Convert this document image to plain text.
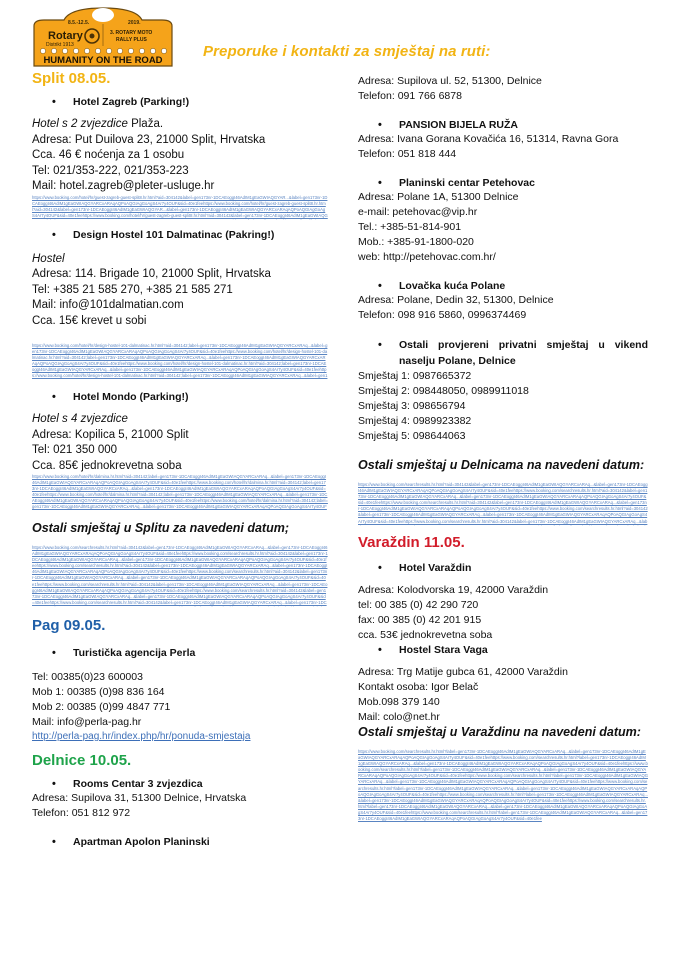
8.5.-12.5.	2019.
Rotary
Distrikt 1913
3. ROTARY MOTO
RALLY PLUS
HUMANITY ON THE ROAD
Preporuke i kontakti za smještaj na ruti:
Split 08.05.
• Hotel Zagreb (Parking!)
Hotel s 2 zvjezdice Plaža.
Adresa: Put Duilova 23, 21000 Split, Hrvatska
Cca. 46 € noćenja za 1 osobu
Tel: 021/353-222, 021/353-223
Mail: hotel.zagreb@pleter-usluge.hr
https://www.booking.com/hotel/hr/guest-zagreb-guest-split8.hr.html?aid=304142&label=gen173nr-1DCAEoggI46AdIM1gEaGWIAQGYAR...&label=gen173nr-1DCAEoggI46AdIM1gEaGWIAQGYARCxARAqAQPoAQGIAgGoAgS4Ar7y4OUF&sid=40e1feehttps://www.booking.com/hotel/hr/guest-zagreb-guest-split8.hr.html?aid=304142&label=gen173nr-1DCAEoggI46AdIM1gEaGWIAQGYAR...&label=gen173nr-1DCAEoggI46AdIM1gEaGWIAQGYARCxARAqAQPoAQGIAgGoAgS4Ar7y4OUF&sid=40e1feehttps://www.booking.com/hotel/hr/guest-zagreb-guest-split8.hr.html?aid=304142&label=gen173nr-1DCAEoggI46AdIM1gEaGWIAQG
• Design Hostel 101 Dalmatinac (Pakring!)
Hostel
Adresa: 114. Brigade 10, 21000 Split, Hrvatska
Tel: +385 21 585 270, +385 21 585 271
Mail: info@101dalmatian.com
Cca. 15€ krevet u sobi
https://www.booking.com/hotel/hr/design-hostel-101-dalmatinac.hr.html?aid=304142;label=gen173nr-1DCAEoggI46AdIM1gEaGWIAQGYARCxARAq...&label=gen173nr-1DCAEoggI46AdIM1gEaGWIAQGYARCxARAqAQPoAQGIAgGoAgS4Ar7y4OUF&sid=40e1feehttps://www.booking.com/hotel/hr/design-hostel-101-dalmatinac.hr.html?aid=304142;label=gen173nr-1DCAEoggI46AdIM1gEaGWIAQGYARCxARAq...&label=gen173nr-1DCAEoggI46AdIM1gEaGWIAQGYARCxARAqAQPoAQGIAgGoAgS4Ar7y4OUF&sid=40e1feehttps://www.booking.com/hotel/hr/design-hostel-101-dalmatinac.hr.html?aid=304142;label=gen173nr-1DCAEoggI46AdIM1gEaGWIAQGYARCxARAq...&label=gen173nr-1DCAEoggI46AdIM1gEaGWIAQGYARCxARAqAQPoAQGIAgGoAgS4Ar7y4OUF&sid=40e1feehttps://www.booking.com/hotel/hr/design-hostel-101-dalmatinac.hr.html?aid=304142;label=gen173nr-1DCAEoggI46AdIM1gEaGWIAQGYARCxARAq...&label=gen1
• Hotel Mondo (Parking!)
Hotel s 4 zvjezdice
Adresa: Kopilica 5, 21000 Split
Tel: 021 350 000
Cca. 85€ jednokrevetna soba
https://www.booking.com/hotel/hr/dalmina.hr.html?aid=304142;label=gen173nr-1DCAEoggI46AdIM1gEaGWIAQGYARCxARAq...&label=gen173nr-1DCAEoggI46AdIM1gEaGWIAQGYARCxARAqAQPoAQGIAgGoAgS4Ar7y4OUF&sid=40e1feehttps://www.booking.com/hotel/hr/dalmina.hr.html?aid=304142;label=gen173nr-1DCAEoggI46AdIM1gEaGWIAQGYARCxARAq...&label=gen173nr-1DCAEoggI46AdIM1gEaGWIAQGYARCxARAqAQPoAQGIAgGoAgS4Ar7y4OUF&sid=40e1feehttps://www.booking.com/hotel/hr/dalmina.hr.html?aid=304142;label=gen173nr-1DCAEoggI46AdIM1gEaGWIAQGYARCxARAq...&label=gen173nr-1DCAEoggI46AdIM1gEaGWIAQGYARCxARAqAQPoAQGIAgGoAgS4Ar7y4OUF&sid=40e1feehttps://www.booking.com/hotel/hr/dalmina.hr.html?aid=304142;label=gen173nr-1DCAEoggI46AdIM1gEaGWIAQGYARCxARAq...&label=gen173nr-1DCAEoggI46AdIM1gEaGWIAQGYARCxARAqAQPoAQGIAgGoAgS4Ar7y4OUF
Ostali smještaj u Splitu za navedeni datum;
https://www.booking.com/searchresults.hr.html?aid=304142&label=gen173nr-1DCAEoggI46AdIM1gEaGWIAQGYARCxARAq...&label=gen173nr-1DCAEoggI46AdIM1gEaGWIAQGYARCxARAqAQPoAQGIAgGoAgS4Ar7y4OUF&sid=40e1feehttps://www.booking.com/searchresults.hr.html?aid=304142&label=gen173nr-1DCAEoggI46AdIM1gEaGWIAQGYARCxARAq...&label=gen173nr-1DCAEoggI46AdIM1gEaGWIAQGYARCxARAqAQPoAQGIAgGoAgS4Ar7y4OUF&sid=40e1feehttps://www.booking.com/searchresults.hr.html?aid=304142&label=gen173nr-1DCAEoggI46AdIM1gEaGWIAQGYARCxARAq...&label=gen173nr-1DCAEoggI46AdIM1gEaGWIAQGYARCxARAqAQPoAQGIAgGoAgS4Ar7y4OUF&sid=40e1feehttps://www.booking.com/searchresults.hr.html?aid=304142&label=gen173nr-1DCAEoggI46AdIM1gEaGWIAQGYARCxARAq...&label=gen173nr-1DCAEoggI46AdIM1gEaGWIAQGYARCxARAqAQPoAQGIAgGoAgS4Ar7y4OUF&sid=40e1feehttps://www.booking.com/searchresults.hr.html?aid=304142&label=gen173nr-1DCAEoggI46AdIM1gEaGWIAQGYARCxARAq...&label=gen173nr-1DCAEoggI46AdIM1gEaGWIAQGYARCxARAqAQPoAQGIAgGoAgS4Ar7y4OUF&sid=40e1feehttps://www.booking.com/searchresults.hr.html?aid=304142&label=gen173nr-1DCAEoggI46AdIM1gEaGWIAQGYARCxARAq...&label=gen173nr-1DCAEoggI46AdIM1gEaGWIAQGYARCxARAqAQPoAQGIAgGoAgS4Ar7y4OUF&sid=40e1feehttps://www.booking.com/searchresults.hr.html?aid=304142&label=gen173nr-1DCAEoggI46AdIM1gEaGWIAQGYARCxARAq...&label=gen173nr-1DC
Pag 09.05.
• Turistička agencija Perla
Tel: 00385(0)23 600003
Mob 1: 00385 (0)98 836 164
Mob 2: 00385 (0)99 4847 771
Mail: info@perla-pag.hr
http://perla-pag.hr/index.php/hr/ponuda-smjestaja
Delnice 10.05.
• Rooms Centar 3 zvjezdica
Adresa: Supilova 31, 51300 Delnice, Hrvatska
Telefon: 051 812 972
• Apartman Apolon Planinski
Adresa: Supilova ul. 52, 51300, Delnice
Telefon: 091 766 6878
• PANSION BIJELA RUŽA
Adresa: Ivana Gorana Kovačića 16, 51314, Ravna Gora
Telefon: 051 818 444
• Planinski centar Petehovac
Adresa: Polane 1A, 51300 Delnice
e-mail: petehovac@vip.hr
Tel.: +385-51-814-901
Mob.: +385-91-1800-020
web: http://petehovac.com.hr/
• Lovačka kuća Polane
Adresa: Polane, Dedin 32, 51300, Delnice
Telefon: 098 916 5860, 0996374469
• Ostali provjereni privatni smještaj u vikend naselju Polane, Delnice
Smještaj 1: 0987665372
Smještaj 2: 098448050, 0989911018
Smještaj 3: 098656794
Smještaj 4: 0989923382
Smještaj 5: 098644063
Ostali smještaj u Delnicama na navedeni datum:
https://www.booking.com/searchresults.hr.html?aid=304142&label=gen173nr-1DCAEoggI46AdIM1gEaGWIAQGYARCxARAq...&label=gen173nr-1DCAEoggI46AdIM1gEaGWIAQGYARCxARAqAQPoAQGIAgGoAgS4Ar7y4OUF&sid=40e1feehttps://www.booking.com/searchresults.hr.html?aid=304142&label=gen173nr-1DCAEoggI46AdIM1gEaGWIAQGYARCxARAq...&label=gen173nr-1DCAEoggI46AdIM1gEaGWIAQGYARCxARAqAQPoAQGIAgGoAgS4Ar7y4OUF&sid=40e1feehttps://www.booking.com/searchresults.hr.html?aid=304142&label=gen173nr-1DCAEoggI46AdIM1gEaGWIAQGYARCxARAq...&label=gen173nr-1DCAEoggI46AdIM1gEaGWIAQGYARCxARAqAQPoAQGIAgGoAgS4Ar7y4OUF&sid=40e1feehttps://www.booking.com/searchresults.hr.html?aid=304142&label=gen173nr-1DCAEoggI46AdIM1gEaGWIAQGYARCxARAq...&label=gen173nr-1DCAEoggI46AdIM1gEaGWIAQGYARCxARAqAQPoAQGIAgGoAgS4Ar7y4OUF&sid=40e1feehttps://www.booking.com/searchresults.hr.html?aid=304142&label=gen173nr-1DCAEoggI46AdIM1gEaGWIAQGYARCxARAq...&lab
Varaždin 11.05.
• Hotel Varaždin
Adresa: Kolodvorska 19, 42000 Varaždin
tel: 00 385 (0) 42 290 720
fax: 00 385 (0) 42 201 915
cca. 53€ jednokrevetna soba
• Hostel Stara Vaga
Adresa: Trg Matije gubca 61, 42000 Varaždin
Kontakt osoba: Igor Belač
Mob.098 379 140
Mail: colo@net.hr
Ostali smještaj u Varaždinu na navedeni datum:
https://www.booking.com/searchresults.hr.html?label=gen173nr-1DCAEoggI46AdIM1gEaGWIAQGYARCxARAq...&label=gen173nr-1DCAEoggI46AdIM1gEaGWIAQGYARCxARAqAQPoAQGIAgGoAgS4Ar7y4OUF&sid=40e1feehttps://www.booking.com/searchresults.hr.html?label=gen173nr-1DCAEoggI46AdIM1gEaGWIAQGYARCxARAq...&label=gen173nr-1DCAEoggI46AdIM1gEaGWIAQGYARCxARAqAQPoAQGIAgGoAgS4Ar7y4OUF&sid=40e1feehttps://www.booking.com/searchresults.hr.html?label=gen173nr-1DCAEoggI46AdIM1gEaGWIAQGYARCxARAq...&label=gen173nr-1DCAEoggI46AdIM1gEaGWIAQGYARCxARAqAQPoAQGIAgGoAgS4Ar7y4OUF&sid=40e1feehttps://www.booking.com/searchresults.hr.html?label=gen173nr-1DCAEoggI46AdIM1gEaGWIAQGYARCxARAq...&label=gen173nr-1DCAEoggI46AdIM1gEaGWIAQGYARCxARAqAQPoAQGIAgGoAgS4Ar7y4OUF&sid=40e1feehttps://www.booking.com/searchresults.hr.html?label=gen173nr-1DCAEoggI46AdIM1gEaGWIAQGYARCxARAq...&label=gen173nr-1DCAEoggI46AdIM1gEaGWIAQGYARCxARAqAQPoAQGIAgGoAgS4Ar7y4OUF&sid=40e1feehttps://www.booking.com/searchresults.hr.html?label=gen173nr-1DCAEoggI46AdIM1gEaGWIAQGYARCxARAq...&label=gen173nr-1DCAEoggI46AdIM1gEaGWIAQGYARCxARAqAQPoAQGIAgGoAgS4Ar7y4OUF&sid=40e1feehttps://www.booking.com/searchresults.hr.html?label=gen173nr-1DCAEoggI46AdIM1gEaGWIAQGYARCxARAq...&label=gen173nr-1DCAEoggI46AdIM1gEaGWIAQGYARCxARAqAQPoAQGIAgGoAgS4Ar7y4OUF&sid=40e1feehttps://www.booking.com/searchresults.hr.html?label=gen173nr-1DCAEoggI46AdIM1gEaGWIAQGYARCxARAq...&label=gen173nr-1DCAEoggI46AdIM1gEaGWIAQGYARCxARAqAQPoAQGIAgGoAgS4Ar7y4OUF&sid=40e1fee
